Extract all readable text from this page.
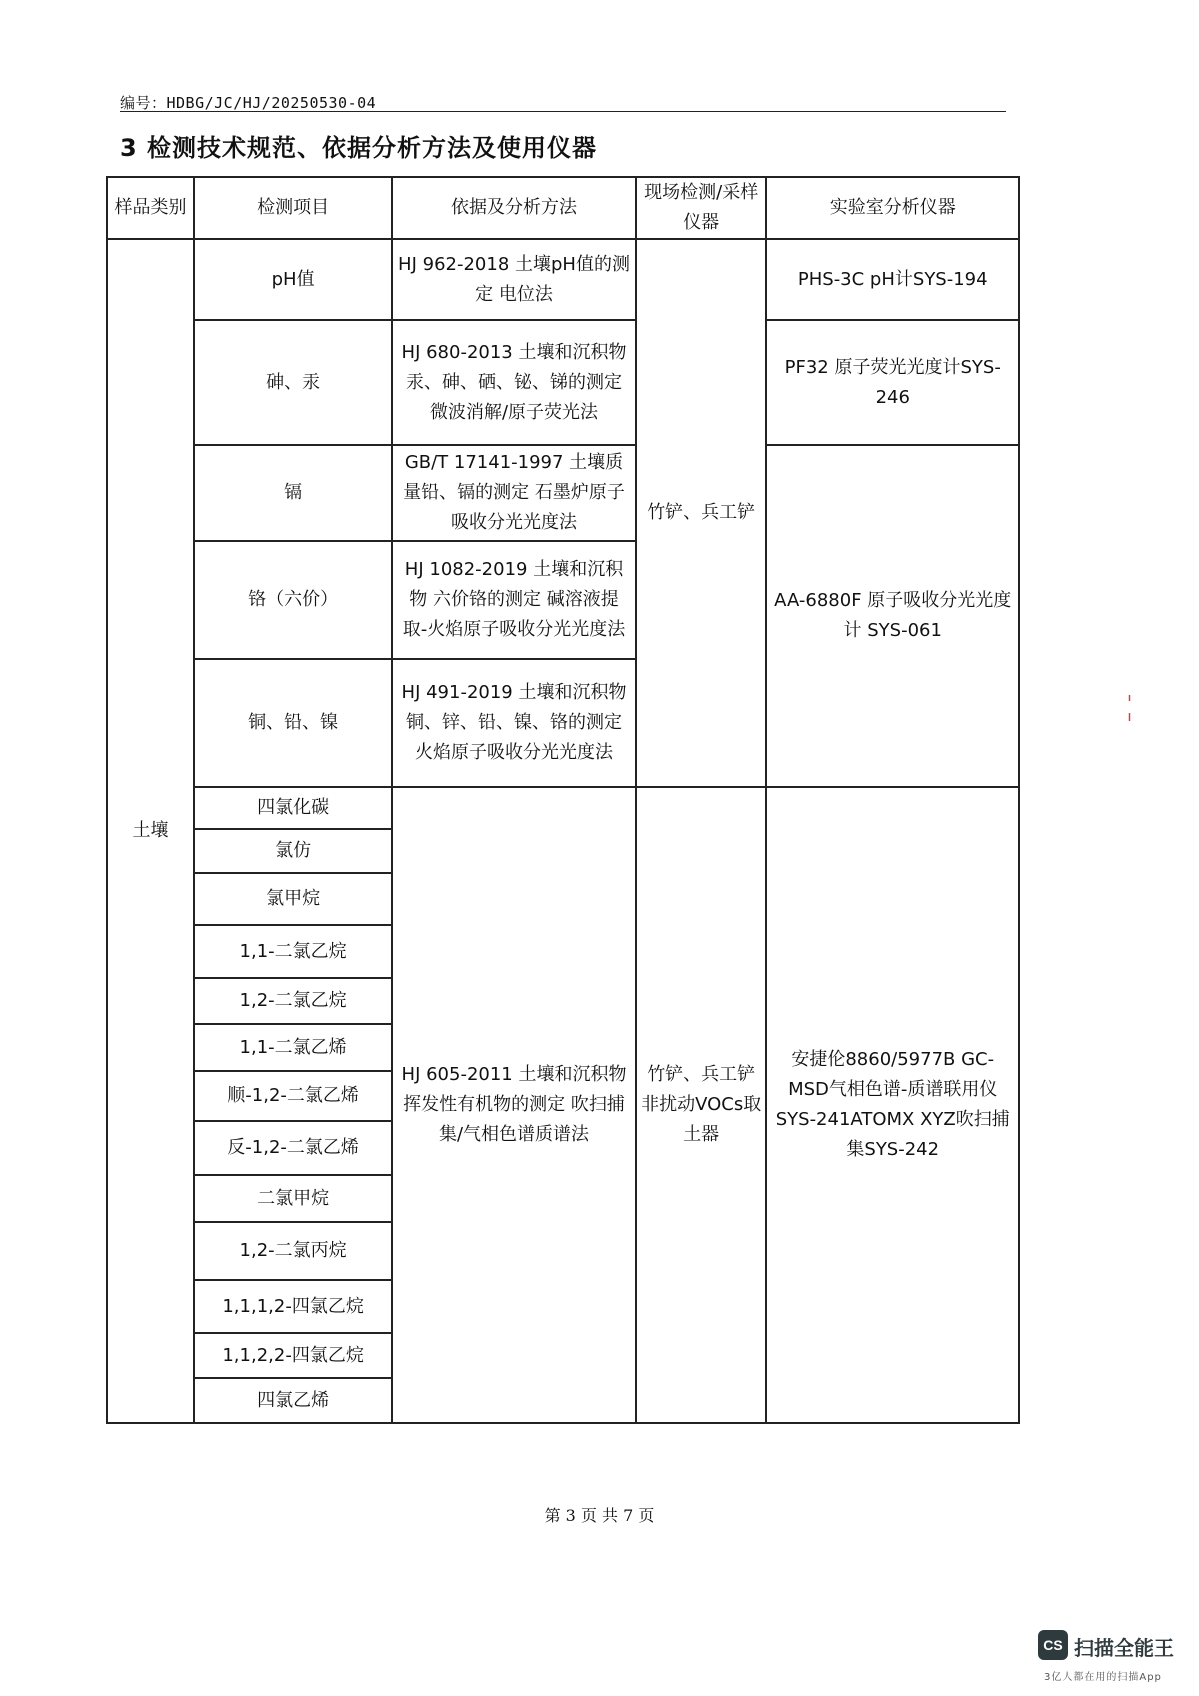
编号：HDBG/JC/HJ/20250530-04
3 检测技术规范、依据分析方法及使用仪器
样品类别	检测项目	依据及分析方法	现场检测/采样仪器	实验室分析仪器
土壤	pH值	HJ 962-2018 土壤pH值的测定 电位法	竹铲、兵工铲	PHS-3C pH计SYS-194
	砷、汞	HJ 680-2013 土壤和沉积物汞、砷、硒、铋、锑的测定 微波消解/原子荧光法		PF32 原子荧光光度计SYS-246
	镉	GB/T 17141-1997 土壤质量铅、镉的测定 石墨炉原子吸收分光光度法		AA-6880F 原子吸收分光光度计 SYS-061
	铬（六价）	HJ 1082-2019 土壤和沉积物 六价铬的测定 碱溶液提取-火焰原子吸收分光光度法		
	铜、铅、镍	HJ 491-2019 土壤和沉积物 铜、锌、铅、镍、铬的测定 火焰原子吸收分光光度法		
	四氯化碳	HJ 605-2011 土壤和沉积物 挥发性有机物的测定 吹扫捕集/气相色谱质谱法	竹铲、兵工铲非扰动VOCs取土器	安捷伦8860/5977B GC-MSD气相色谱-质谱联用仪SYS-241ATOMX XYZ吹扫捕集SYS-242
	氯仿			
	氯甲烷			
	1,1-二氯乙烷			
	1,2-二氯乙烷			
	1,1-二氯乙烯			
	顺-1,2-二氯乙烯			
	反-1,2-二氯乙烯			
	二氯甲烷			
	1,2-二氯丙烷			
	1,1,1,2-四氯乙烷			
	1,1,2,2-四氯乙烷			
	四氯乙烯			
第 3 页 共 7 页
CS 扫描全能王
3亿人都在用的扫描App
